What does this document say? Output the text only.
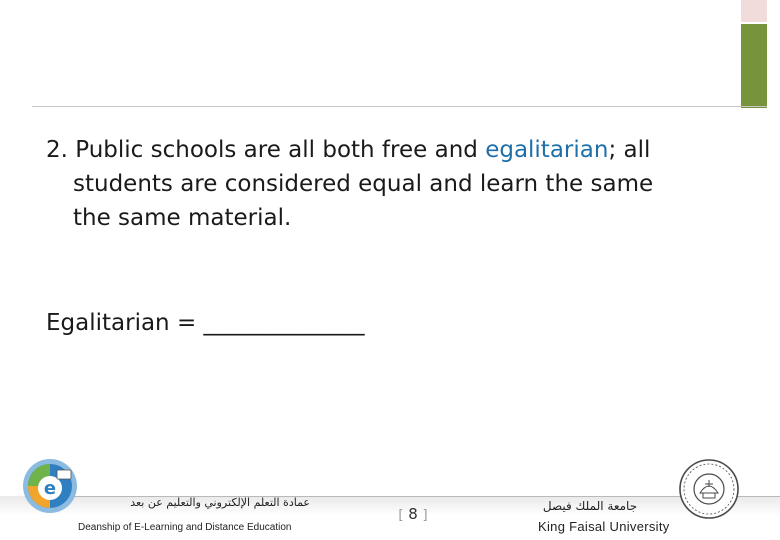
2. Public schools are all both free and egalitarian; all
students are considered equal and learn the same
the same material.
Egalitarian = ______________
e
عمادة التعلم الإلكتروني والتعليم عن بعد
Deanship of E-Learning and Distance Education
[ 8 ]
جامعة الملك فيصل
King Faisal University
